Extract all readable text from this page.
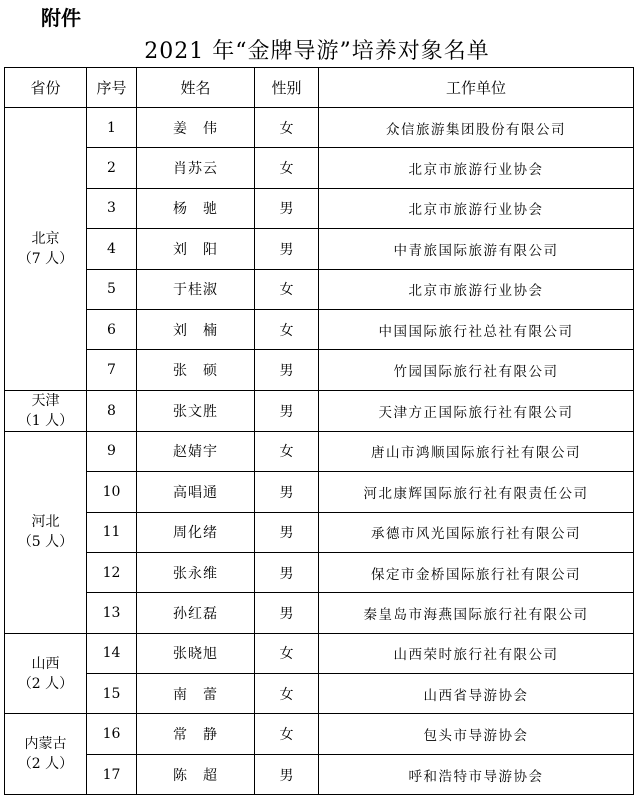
附件
2021 年“金牌导游”培养对象名单
省份	序号	姓名	性别	工作单位

北京
（7 人）	1	姜　伟	女	众信旅游集团股份有限公司
	2	肖苏云	女	北京市旅游行业协会
	3	杨　驰	男	北京市旅游行业协会
	4	刘　阳	男	中青旅国际旅游有限公司
	5	于桂淑	女	北京市旅游行业协会
	6	刘　楠	女	中国国际旅行社总社有限公司
	7	张　硕	男	竹园国际旅行社有限公司

天津
（1 人）	8	张文胜	男	天津方正国际旅行社有限公司

河北
（5 人）	9	赵婧宇	女	唐山市鸿顺国际旅行社有限公司
	10	高唱通	男	河北康辉国际旅行社有限责任公司
	11	周化绪	男	承德市风光国际旅行社有限公司
	12	张永维	男	保定市金桥国际旅行社有限公司
	13	孙红磊	男	秦皇岛市海燕国际旅行社有限公司

山西
（2 人）	14	张晓旭	女	山西荣时旅行社有限公司
	15	南　蕾	女	山西省导游协会

内蒙古
（2 人）	16	常　静	女	包头市导游协会
	17	陈　超	男	呼和浩特市导游协会
